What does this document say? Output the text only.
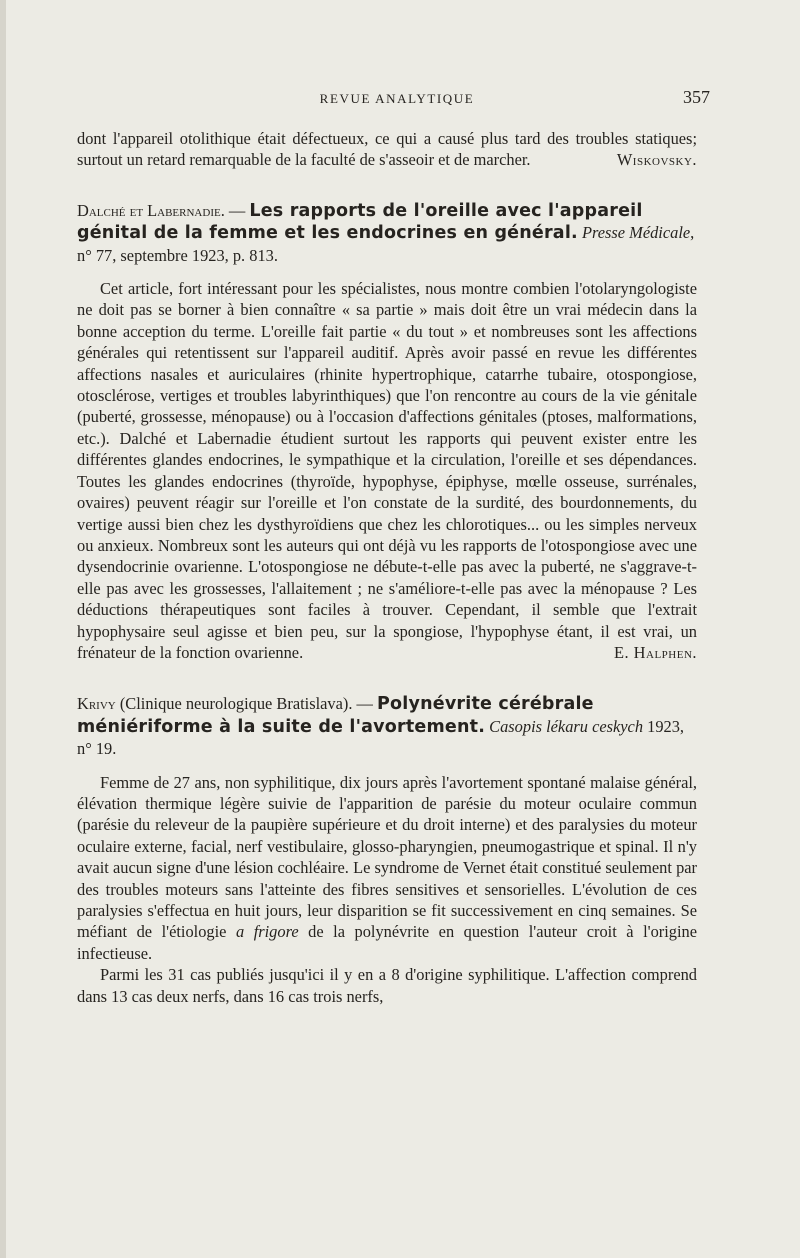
REVUE ANALYTIQUE	357

dont l'appareil otolithique était défectueux, ce qui a causé plus tard des troubles statiques; surtout un retard remarquable de la faculté de s'asseoir et de marcher.	Wiskovsky.

Dalché et Labernadie. — Les rapports de l'oreille avec l'appareil génital de la femme et les endocrines en général. Presse Médicale, n° 77, septembre 1923, p. 813.

Cet article, fort intéressant pour les spécialistes, nous montre combien l'otolaryngologiste ne doit pas se borner à bien connaître « sa partie » mais doit être un vrai médecin dans la bonne acception du terme. L'oreille fait partie « du tout » et nombreuses sont les affections générales qui retentissent sur l'appareil auditif. Après avoir passé en revue les différentes affections nasales et auriculaires (rhinite hypertrophique, catarrhe tubaire, otospongiose, otosclérose, vertiges et troubles labyrinthiques) que l'on rencontre au cours de la vie génitale (puberté, grossesse, ménopause) ou à l'occasion d'affections génitales (ptoses, malformations, etc.). Dalché et Labernadie étudient surtout les rapports qui peuvent exister entre les différentes glandes endocrines, le sympathique et la circulation, l'oreille et ses dépendances. Toutes les glandes endocrines (thyroïde, hypophyse, épiphyse, mœlle osseuse, surrénales, ovaires) peuvent réagir sur l'oreille et l'on constate de la surdité, des bourdonnements, du vertige aussi bien chez les dysthyroïdiens que chez les chlorotiques... ou les simples nerveux ou anxieux. Nombreux sont les auteurs qui ont déjà vu les rapports de l'otospongiose avec une dysendocrinie ovarienne. L'otospongiose ne débute-t-elle pas avec la puberté, ne s'aggrave-t-elle pas avec les grossesses, l'allaitement ; ne s'améliore-t-elle pas avec la ménopause ? Les déductions thérapeutiques sont faciles à trouver. Cependant, il semble que l'extrait hypophysaire seul agisse et bien peu, sur la spongiose, l'hypophyse étant, il est vrai, un frénateur de la fonction ovarienne.	E. Halphen.

Krivy (Clinique neurologique Bratislava). — Polynévrite cérébrale méniériforme à la suite de l'avortement. Casopis lékaru ceskych 1923, n° 19.

Femme de 27 ans, non syphilitique, dix jours après l'avortement spontané malaise général, élévation thermique légère suivie de l'apparition de parésie du moteur oculaire commun (parésie du releveur de la paupière supérieure et du droit interne) et des paralysies du moteur oculaire externe, facial, nerf vestibulaire, glosso-pharyngien, pneumogastrique et spinal. Il n'y avait aucun signe d'une lésion cochléaire. Le syndrome de Vernet était constitué seulement par des troubles moteurs sans l'atteinte des fibres sensitives et sensorielles. L'évolution de ces paralysies s'effectua en huit jours, leur disparition se fit successivement en cinq semaines. Se méfiant de l'étiologie a frigore de la polynévrite en question l'auteur croit à l'origine infectieuse.

Parmi les 31 cas publiés jusqu'ici il y en a 8 d'origine syphilitique. L'affection comprend dans 13 cas deux nerfs, dans 16 cas trois nerfs,
